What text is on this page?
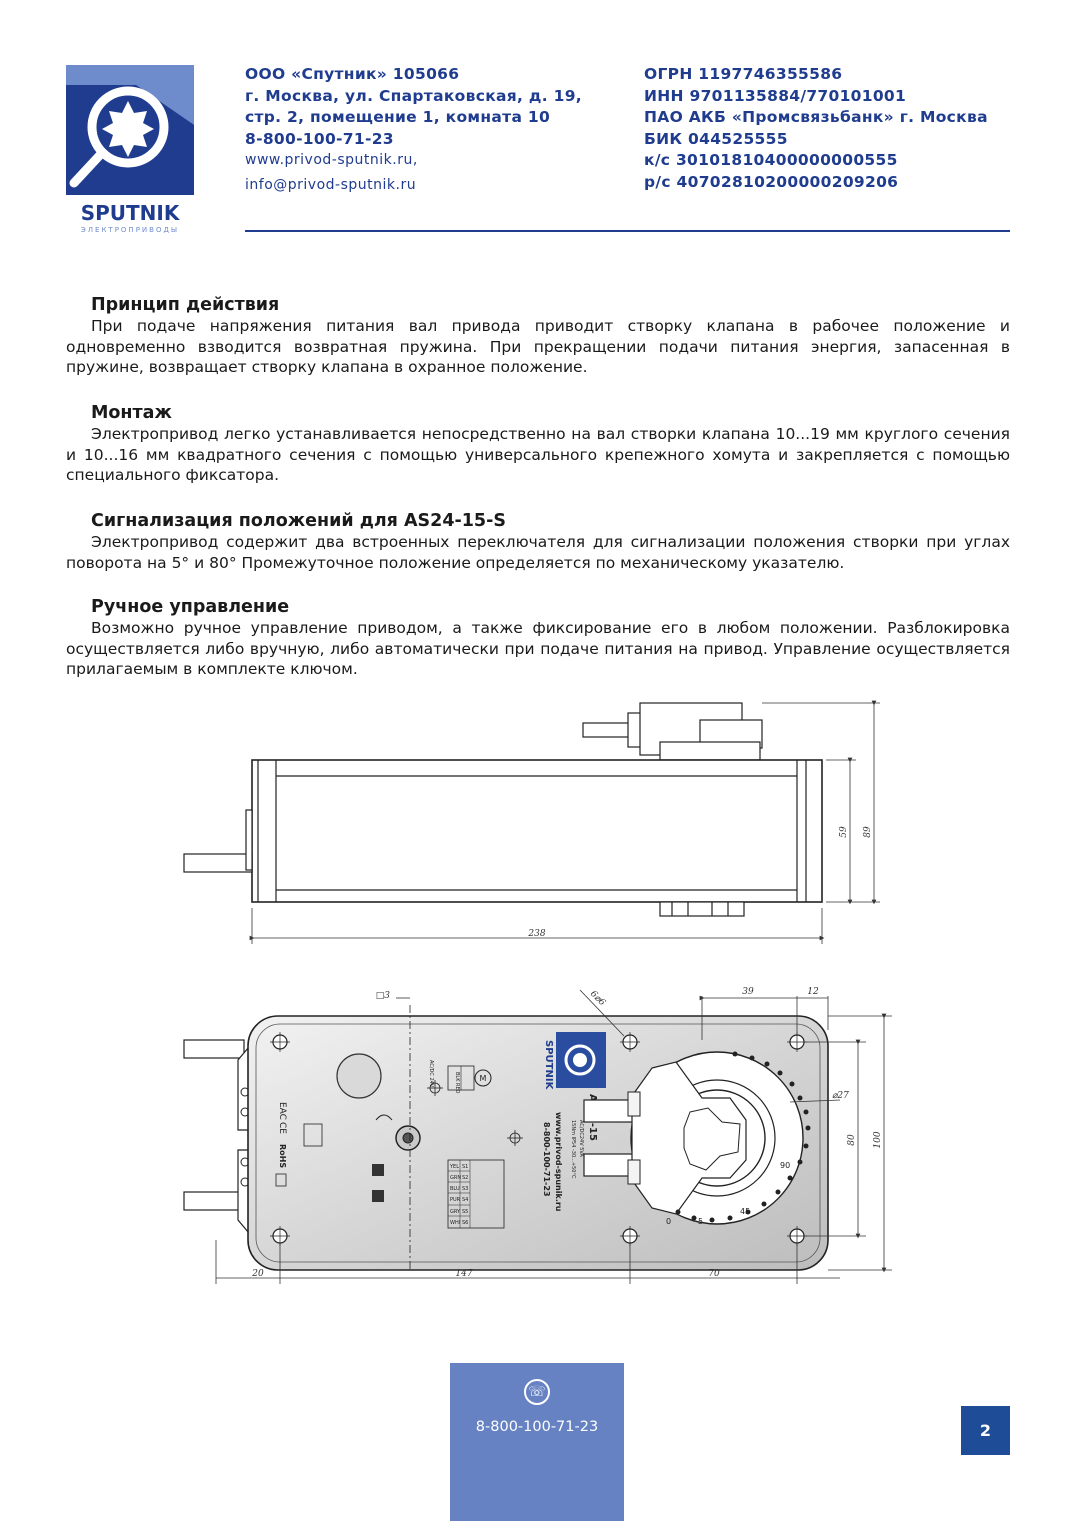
SPUTNIK
ЭЛЕКТРОПРИВОДЫ
ООО «Спутник» 105066
г. Москва, ул. Спартаковская, д. 19,
стр. 2, помещение 1, комната 10
8-800-100-71-23
www.privod-sputnik.ru,
info@privod-sputnik.ru
ОГРН 1197746355586
ИНН 9701135884/770101001
ПАО АКБ «Промсвязьбанк» г. Москва
БИК 044525555
к/с 30101810400000000555
р/с 40702810200000209206
Принцип действия

При подаче напряжения питания вал привода приводит створку клапана в рабочее положение и одновременно взводится возвратная пружина. При прекращении подачи питания энергия, запасенная в пружине, возвращает створку клапана в охранное положение.

Монтаж

Электропривод легко устанавливается непосредственно на вал створки клапана 10...19 мм круглого сечения и 10...16 мм квадратного сечения с помощью универсального крепежного хомута и закрепляется с помощью специального фиксатора.

Сигнализация положений для AS24-15-S

Электропривод содержит два встроенных переключателя для сигнализации положения створки при углах поворота на 5° и 80° Промежуточное положение определяется по механическому указателю.

Ручное управление

Возможно ручное управление приводом, а также фиксирование его в любом положении. Разблокировка осуществляется либо вручную, либо автоматически при подаче питания на привод. Управление осуществляется прилагаемым в комплекте ключом.

238
59 89
EAC
CE
RoHS
M
BLK
RED
AC/DC 24V
YEL
GRN
BLU
PUR
GRY
WHI
S1
S2
S3
S4
S5
S6
SPUTNIK
www.privod-spunik.ru
8-800-100-71-23	AC/DC24V 5VA
15Nm IP54 -30...+50°C
0	5
45
90
□3	6⌀6	39	12
⌀27
80 100
20	147	70
☏
8-800-100-71-23	2
